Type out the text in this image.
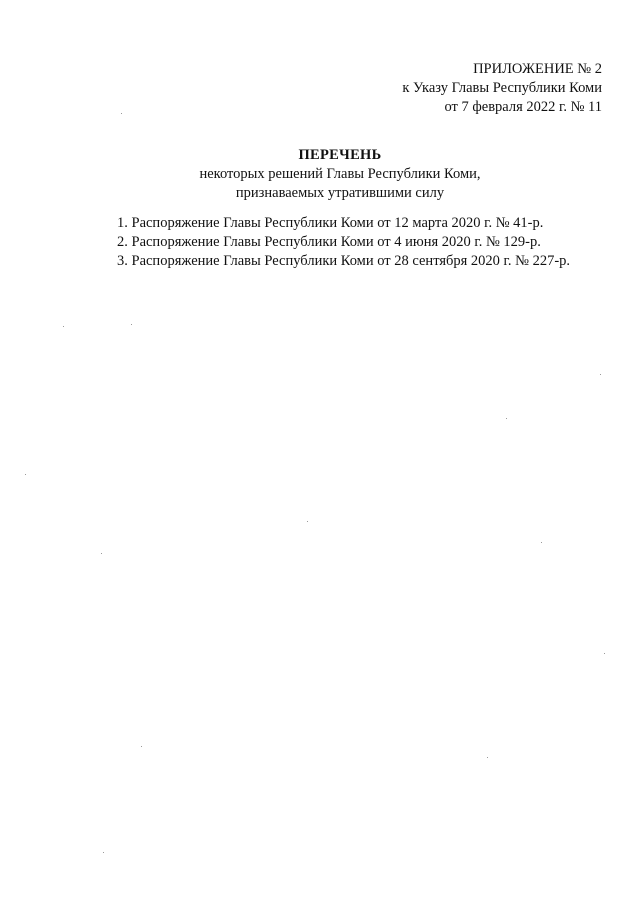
ПРИЛОЖЕНИЕ № 2
к Указу Главы Республики Коми
от 7 февраля 2022 г. № 11
ПЕРЕЧЕНЬ
некоторых решений Главы Республики Коми,
признаваемых утратившими силу
1. Распоряжение Главы Республики Коми от 12 марта 2020 г. № 41-р.
2. Распоряжение Главы Республики Коми от 4 июня 2020 г. № 129-р.
3. Распоряжение Главы Республики Коми от 28 сентября 2020 г. № 227-р.
